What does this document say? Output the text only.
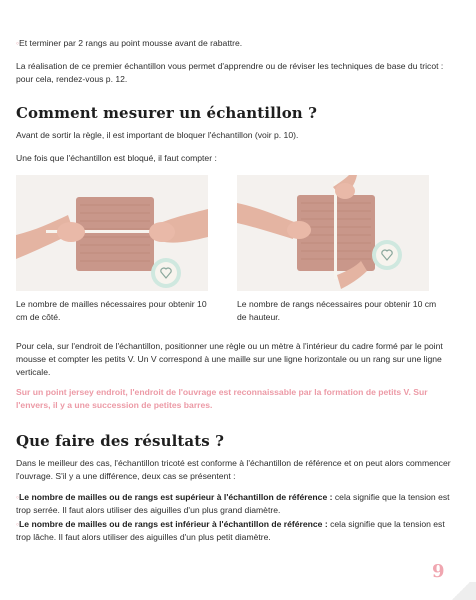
◦Et terminer par 2 rangs au point mousse avant de rabattre.

La réalisation de ce premier échantillon vous permet d'apprendre ou de réviser les techniques de base du tricot : pour cela, rendez-vous p. 12.

Comment mesurer un échantillon ?

Avant de sortir la règle, il est important de bloquer l'échantillon (voir p. 10).

Une fois que l'échantillon est bloqué, il faut compter :

Le nombre de mailles nécessaires pour obtenir 10 cm de côté.

Le nombre de rangs nécessaires pour obtenir 10 cm de hauteur.

Pour cela, sur l'endroit de l'échantillon, positionner une règle ou un mètre à l'intérieur du cadre formé par le point mousse et compter les petits V. Un V correspond à une maille sur une ligne horizontale ou un rang sur une ligne verticale.

Sur un point jersey endroit, l'endroit de l'ouvrage est reconnaissable par la formation de petits V. Sur l'envers, il y a une succession de petites barres.

Que faire des résultats ?

Dans le meilleur des cas, l'échantillon tricoté est conforme à l'échantillon de référence et on peut alors commencer l'ouvrage. S'il y a une différence, deux cas se présentent :

◦Le nombre de mailles ou de rangs est supérieur à l'échantillon de référence : cela signifie que la tension est trop serrée. Il faut alors utiliser des aiguilles d'un plus grand diamètre.

◦Le nombre de mailles ou de rangs est inférieur à l'échantillon de référence : cela signifie que la tension est trop lâche. Il faut alors utiliser des aiguilles d'un plus petit diamètre.

9
